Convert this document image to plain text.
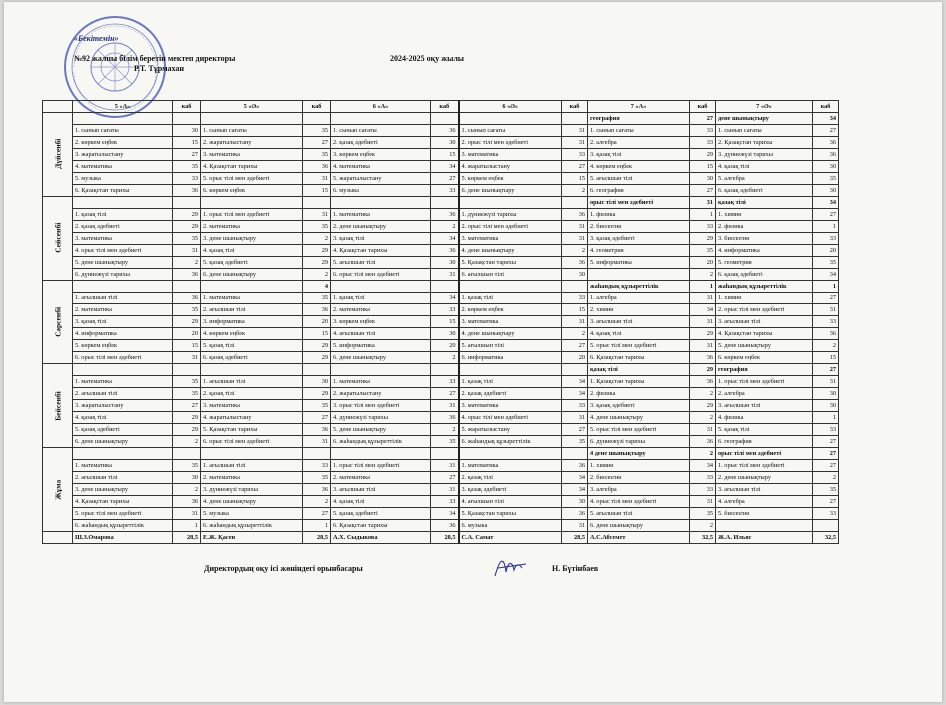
«Бекітемін»
№92 жалпы білім беретін мектеп директоры	2024-2025 оқу жылы
Р.Т. Тұрмахан
	5 «А»	каб	5 «Ә»	каб	6 «А»	каб	6 «Ә»	каб	7 «А»	каб	7 «Ә»	каб
Дүйсенбі									география	27	дене шынықтыру	34
	1. сынып сағаты	30	1. сынып сағаты	35	1. сынып сағаты	36	1. сынып сағаты	31	1. сынып сағаты	33	1. сынып сағаты	27
	2. көркем еңбек	15	2. жаратылыстану	27	2. қазақ әдебиеті	30	2. орыс тілі мен әдебиеті	31	2. алгебра	33	2. Қазақстан тарихы	36
	3. жаратылыстану	27	3. математика	35	3. көркем еңбек	15	3. математика	33	3. қазақ тілі	29	3. дүниежүзі тарихы	36
	4. математика	35	4. Қазақстан тарихы	36	4. математика	34	4. жаратылыстану	27	4. көркем еңбек	15	4. қазақ тілі	30
	5. музыка	33	5. орыс тілі мен әдебиеті	31	5. жаратылыстану	27	5. көркем еңбек	15	5. ағылшын тілі	30	5. алгебра	35
	6. Қазақстан тарихы	36	6. көркем еңбек	15	6. музыка	33	6. дене шынықтыру	2	6. география	27	6. қазақ әдебиеті	30
Сейсенбі									орыс тілі мен әдебиеті	31	қазақ тілі	34
	1. қазақ тілі	29	1. орыс тілі мен әдебиеті	31	1. математика	36	1. дүниежүзі тарихы	36	1. физика	1	1. химия	27
	2. қазақ әдебиеті	29	2. математика	35	2. дене шынықтыру	2	2. орыс тілі мен әдебиеті	31	2. биология	33	2. физика	1
	3. математика	35	3. дене шынықтыру	2	3. қазақ тілі	34	3. математика	31	3. қазақ әдебиеті	29	3. биология	33
	4. орыс тілі мен әдебиеті	31	4. қазақ тілі	29	4. Қазақстан тарихы	36	4. дене шынықтыру	2	4. геометрия	35	4. информатика	20
	5. дене шынықтыру	2	5. қазақ әдебиеті	29	5. ағылшын тілі	30	5. Қазақстан тарихы	36	5. информатика	20	5. геометрия	35
	6. дүниежүзі тарихы	36	6. дене шынықтыру	2	6. орыс тілі мен әдебиеті	31	6. ағылшын тілі	30		2	6. қазақ әдебиеті	34
Сәрсенбі				4					жаһандық құзыреттілік	1	жаһандық құзыреттілік	1
	1. ағылшын тілі	36	1. математика	35	1. қазақ тілі	34	1. қазақ тілі	33	1. алгебра	31	1. химия	27
	2. математика	35	2. ағылшын тілі	36	2. математика	33	2. көркем еңбек	15	2. химия	34	2. орыс тілі мен әдебиеті	31
	3. қазақ тілі	29	3. информатика	20	3. көркем еңбек	15	3. математика	31	3. ағылшын тілі	31	3. ағылшын тілі	33
	4. информатика	20	4. көркем еңбек	15	4. ағылшын тілі	30	4. дене шынықтыру	2	4. қазақ тілі	29	4. Қазақстан тарихы	36
	5. көркем еңбек	15	5. қазақ тілі	29	5. информатика	20	5. ағылшын тілі	27	5. орыс тілі мен әдебиеті	31	5. дене шынықтыру	2
	6. орыс тілі мен әдебиеті	31	6. қазақ әдебиеті	29	6. дене шынықтыру	2	6. информатика	20	6. Қазақстан тарихы	36	6. көркем еңбек	15
Бейсенбі									қазақ тілі	29	география	27
	1. математика	35	1. ағылшын тілі	30	1. математика	33	1. қазақ тілі	34	1. Қазақстан тарихы	36	1. орыс тілі мен әдебиеті	31
	2. ағылшын тілі	35	2. қазақ тілі	29	2. жаратылыстану	27	2. қазақ әдебиеті	34	2. физика	2	2. алгебра	30
	3. жаратылыстану	27	3. математика	35	3. орыс тілі мен әдебиеті	31	3. математика	33	3. қазақ әдебиеті	29	3. ағылшын тілі	30
	4. қазақ тілі	29	4. жаратылыстану	27	4. дүниежүзі тарихы	36	4. орыс тілі мен әдебиеті	31	4. дене шынықтыру	2	4. физика	1
	5. қазақ әдебиеті	29	5. Қазақстан тарихы	36	5. дене шынықтыру	2	5. жаратылыстану	27	5. орыс тілі мен әдебиеті	31	5. қазақ тілі	33
	6. дене шынықтыру	2	6. орыс тілі мен әдебиеті	31	6. жаһандық құзыреттілік	35	6. жаһандық құзыреттілік	35	6. дүниежүзі тарихы	36	6. география	27
Жұма									4 дене шынықтыру	2	орыс тілі мен әдебиеті	27
	1. математика	35	1. ағылшын тілі	33	1. орыс тілі мен әдебиеті	31	1. математика	36	1. химия	34	1. орыс тілі мен әдебиеті	27
	2. ағылшын тілі	30	2. математика	35	2. математика	27	2. қазақ тілі	34	2. биология	33	2. дене шынықтыру	2
	3. дене шынықтыру	2	3. дүниежүзі тарихы	36	3. ағылшын тілі	31	3. қазақ әдебиеті	34	3. алгебра	33	3. ағылшын тілі	35
	4. Қазақстан тарихы	36	4. дене шынықтыру	2	4. қазақ тілі	33	4. ағылшын тілі	30	4. орыс тілі мен әдебиеті	31	4. алгебра	27
	5. орыс тілі мен әдебиеті	31	5. музыка	27	5. қазақ әдебиеті	34	5. Қазақстан тарихы	36	5. ағылшын тілі	35	5. биология	33
	6. жаһандық құзыреттілік	1	6. жаһандық құзыреттілік	1	6. Қазақстан тарихы	36	6. музыка	31	6. дене шынықтыру	2		
	Ш.З.Омарова	28,5	Е.Ж. Қасен	28,5	А.Х. Сыдыкова	28,5	С.А. Самат	28,5	А.С.Абсемет	32,5	Ж.А. Ильяс	32,5
Директордың оқу ісі жөніндегі орынбасары	Н. Бүтінбаев
